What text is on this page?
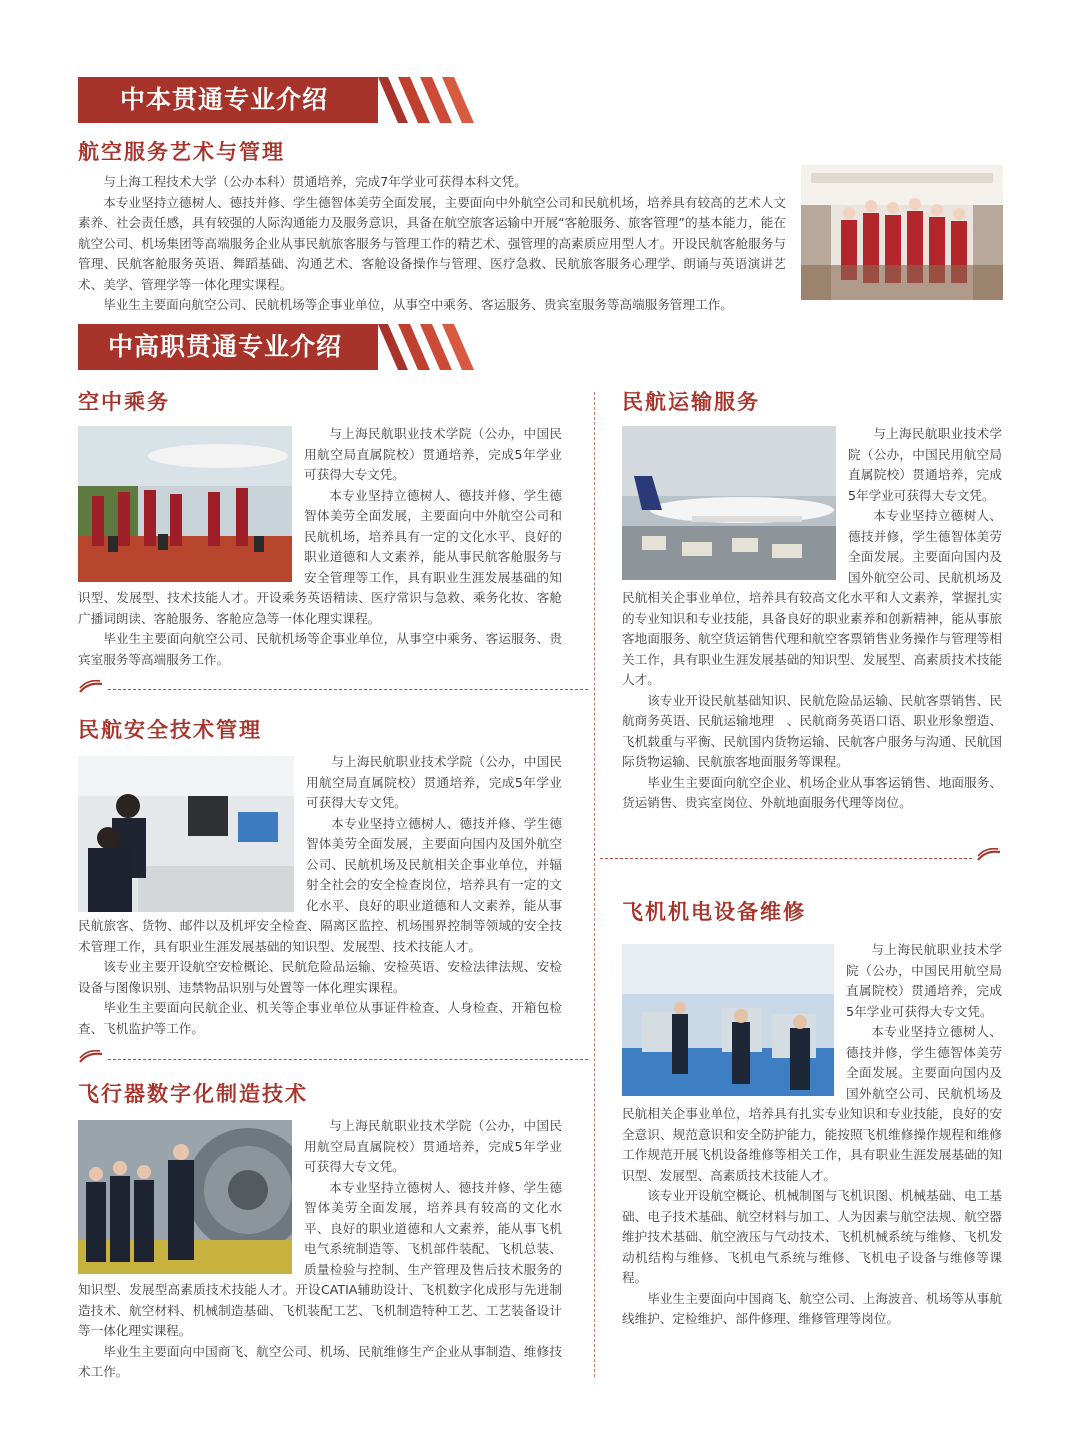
中本贯通专业介绍
航空服务艺术与管理

与上海工程技术大学（公办本科）贯通培养，完成7年学业可获得本科文凭。

本专业坚持立德树人、德技并修、学生德智体美劳全面发展，主要面向中外航空公司和民航机场，培养具有较高的艺术人文素养、社会责任感，具有较强的人际沟通能力及服务意识，具备在航空旅客运输中开展“客舱服务、旅客管理”的基本能力，能在航空公司、机场集团等高端服务企业从事民航旅客服务与管理工作的精艺术、强管理的高素质应用型人才。开设民航客舱服务与管理、民航客舱服务英语、舞蹈基础、沟通艺术、客舱设备操作与管理、医疗急救、民航旅客服务心理学、朗诵与英语演讲艺术、美学、管理学等一体化理实课程。

毕业生主要面向航空公司、民航机场等企事业单位，从事空中乘务、客运服务、贵宾室服务等高端服务管理工作。

中高职贯通专业介绍
空中乘务

与上海民航职业技术学院（公办，中国民用航空局直属院校）贯通培养，完成5年学业可获得大专文凭。

本专业坚持立德树人、德技并修、学生德智体美劳全面发展，主要面向中外航空公司和民航机场，培养具有一定的文化水平、良好的职业道德和人文素养，能从事民航客舱服务与安全管理等工作，具有职业生涯发展基础的知识型、发展型、技术技能人才。开设乘务英语精读、医疗常识与急救、乘务化妆、客舱广播词朗读、客舱服务、客舱应急等一体化理实课程。

毕业生主要面向航空公司、民航机场等企事业单位，从事空中乘务、客运服务、贵宾室服务等高端服务工作。

民航安全技术管理

与上海民航职业技术学院（公办，中国民用航空局直属院校）贯通培养，完成5年学业可获得大专文凭。

本专业坚持立德树人、德技并修、学生德智体美劳全面发展，主要面向国内及国外航空公司、民航机场及民航相关企事业单位，并辐射全社会的安全检查岗位，培养具有一定的文化水平、良好的职业道德和人文素养，能从事民航旅客、货物、邮件以及机坪安全检查、隔离区监控、机场围界控制等领域的安全技术管理工作，具有职业生涯发展基础的知识型、发展型、技术技能人才。

该专业主要开设航空安检概论、民航危险品运输、安检英语、安检法律法规、安检设备与图像识别、违禁物品识别与处置等一体化理实课程。

毕业生主要面向民航企业、机关等企事业单位从事证件检查、人身检查、开箱包检查、飞机监护等工作。

飞行器数字化制造技术

与上海民航职业技术学院（公办，中国民用航空局直属院校）贯通培养，完成5年学业可获得大专文凭。

本专业坚持立德树人、德技并修、学生德智体美劳全面发展，培养具有较高的文化水平、良好的职业道德和人文素养，能从事飞机电气系统制造等、飞机部件装配、飞机总装、质量检验与控制、生产管理及售后技术服务的知识型、发展型高素质技术技能人才。开设CATIA辅助设计、飞机数字化成形与先进制造技术、航空材料、机械制造基础、飞机装配工艺、飞机制造特种工艺、工艺装备设计等一体化理实课程。

毕业生主要面向中国商飞、航空公司、机场、民航维修生产企业从事制造、维修技术工作。

民航运输服务

与上海民航职业技术学院（公办，中国民用航空局直属院校）贯通培养，完成5年学业可获得大专文凭。

本专业坚持立德树人、德技并修，学生德智体美劳全面发展。主要面向国内及国外航空公司、民航机场及民航相关企事业单位，培养具有较高文化水平和人文素养，掌握扎实的专业知识和专业技能，具备良好的职业素养和创新精神，能从事旅客地面服务、航空货运销售代理和航空客票销售业务操作与管理等相关工作，具有职业生涯发展基础的知识型、发展型、高素质技术技能人才。

该专业开设民航基础知识、民航危险品运输、民航客票销售、民航商务英语、民航运输地理　、民航商务英语口语、职业形象塑造、飞机载重与平衡、民航国内货物运输、民航客户服务与沟通、民航国际货物运输、民航旅客地面服务等课程。

毕业生主要面向航空企业、机场企业从事客运销售、地面服务、货运销售、贵宾室岗位、外航地面服务代理等岗位。

飞机机电设备维修

与上海民航职业技术学院（公办，中国民用航空局直属院校）贯通培养，完成5年学业可获得大专文凭。

本专业坚持立德树人、德技并修，学生德智体美劳全面发展。主要面向国内及国外航空公司、民航机场及民航相关企事业单位，培养具有扎实专业知识和专业技能，良好的安全意识、规范意识和安全防护能力，能按照飞机维修操作规程和维修工作规范开展飞机设备维修等相关工作，具有职业生涯发展基础的知识型、发展型、高素质技术技能人才。

该专业开设航空概论、机械制图与飞机识图、机械基础、电工基础、电子技术基础、航空材料与加工、人为因素与航空法规、航空器维护技术基础、航空液压与气动技术、飞机机械系统与维修、飞机发动机结构与维修、飞机电气系统与维修、飞机电子设备与维修等课程。

毕业生主要面向中国商飞、航空公司、上海波音、机场等从事航线维护、定检维护、部件修理、维修管理等岗位。
